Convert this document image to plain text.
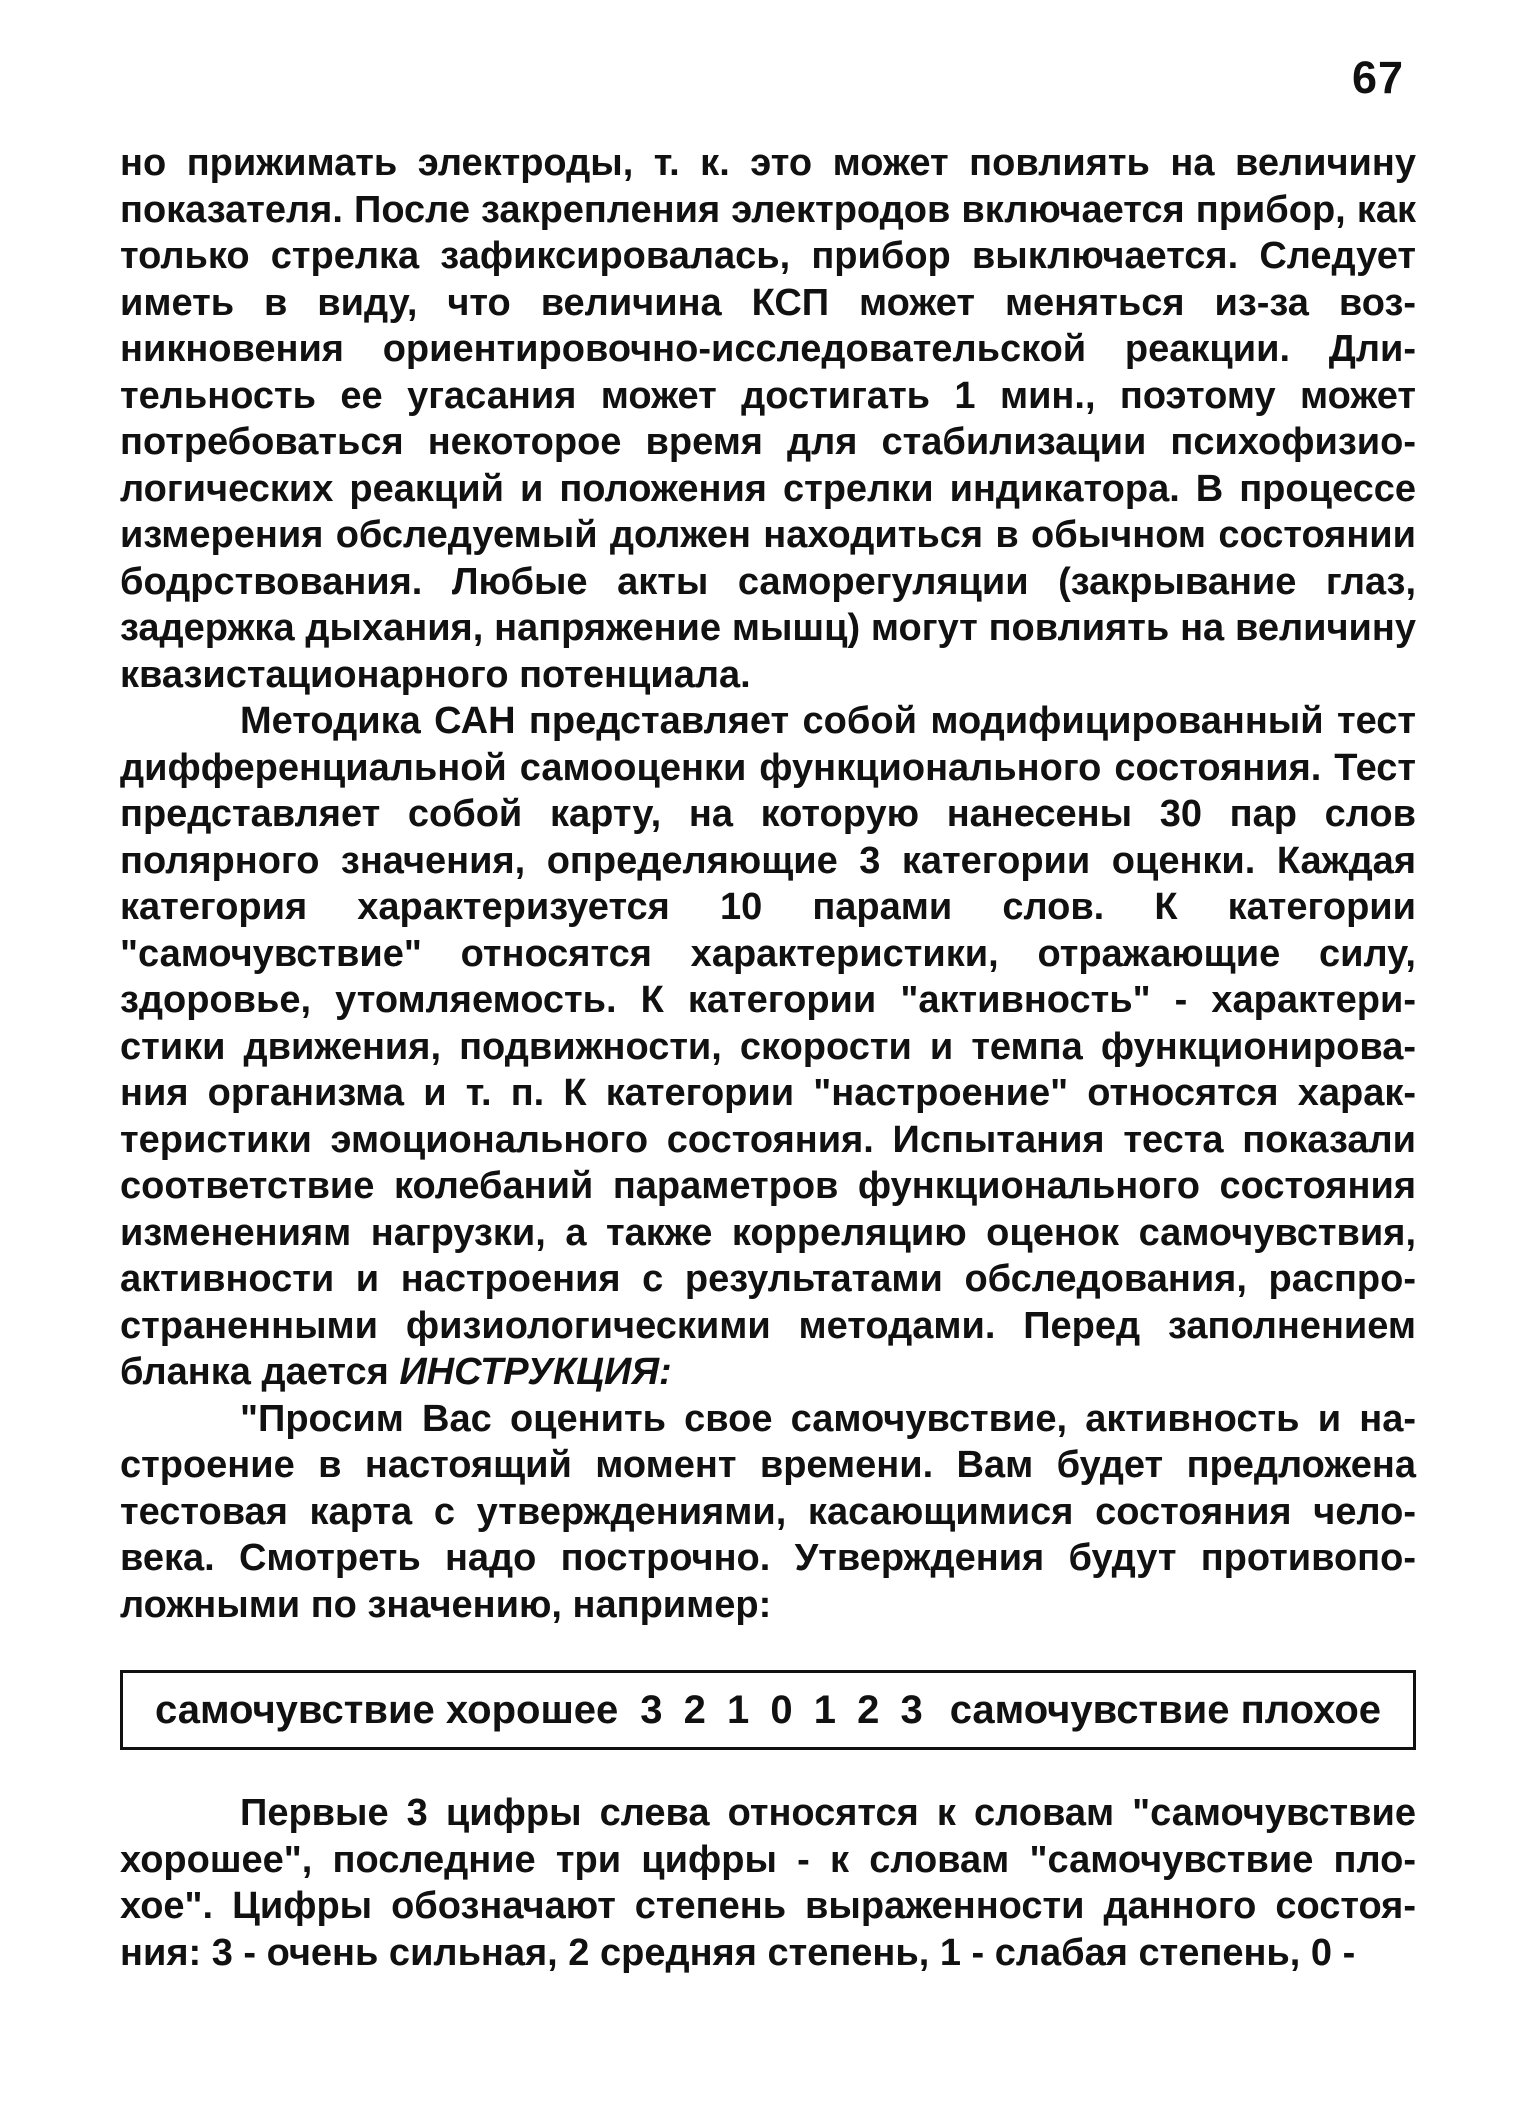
67

но прижимать электроды, т. к. это может повлиять на величину показателя. После закрепления электродов включается прибор, как только стрелка зафиксировалась, прибор выключается. Следует иметь в виду, что величина КСП может меняться из-за возникновения ориентировочно-исследовательской реакции. Длительность ее угасания может достигать 1 мин., поэтому может потребоваться некоторое время для стабилизации психофизиологических реакций и положения стрелки индикатора. В процессе измерения обследуемый должен находиться в обычном состоянии бодрствования. Любые акты саморегуляции (закрывание глаз, задержка дыхания, напряжение мышц) могут повлиять на величину квазистационарного потенциала.

Методика САН представляет собой модифицированный тест дифференциальной самооценки функционального состояния. Тест представляет собой карту, на которую нанесены 30 пар слов полярного значения, определяющие 3 категории оценки. Каждая категория характеризуется 10 парами слов. К категории "самочувствие" относятся характеристики, отражающие силу, здоровье, утомляемость. К категории "активность" - характеристики движения, подвижности, скорости и темпа функционирования организма и т. п. К категории "настроение" относятся характеристики эмоционального состояния. Испытания теста показали соответствие колебаний параметров функционального состояния изменениям нагрузки, а также корреляцию оценок самочувствия, активности и настроения с результатами обследования, распространенными физиологическими методами. Перед заполнением бланка дается ИНСТРУКЦИЯ:

"Просим Вас оценить свое самочувствие, активность и настроение в настоящий момент времени. Вам будет предложена тестовая карта с утверждениями, касающимися состояния человека. Смотреть надо построчно. Утверждения будут противоположными по значению, например:

самочувствие хорошее 3 2 1 0 1 2 3 самочувствие плохое

Первые 3 цифры слева относятся к словам "самочувствие хорошее", последние три цифры - к словам "самочувствие плохое". Цифры обозначают степень выраженности данного состояния: 3 - очень сильная, 2 средняя степень, 1 - слабая степень, 0 -
